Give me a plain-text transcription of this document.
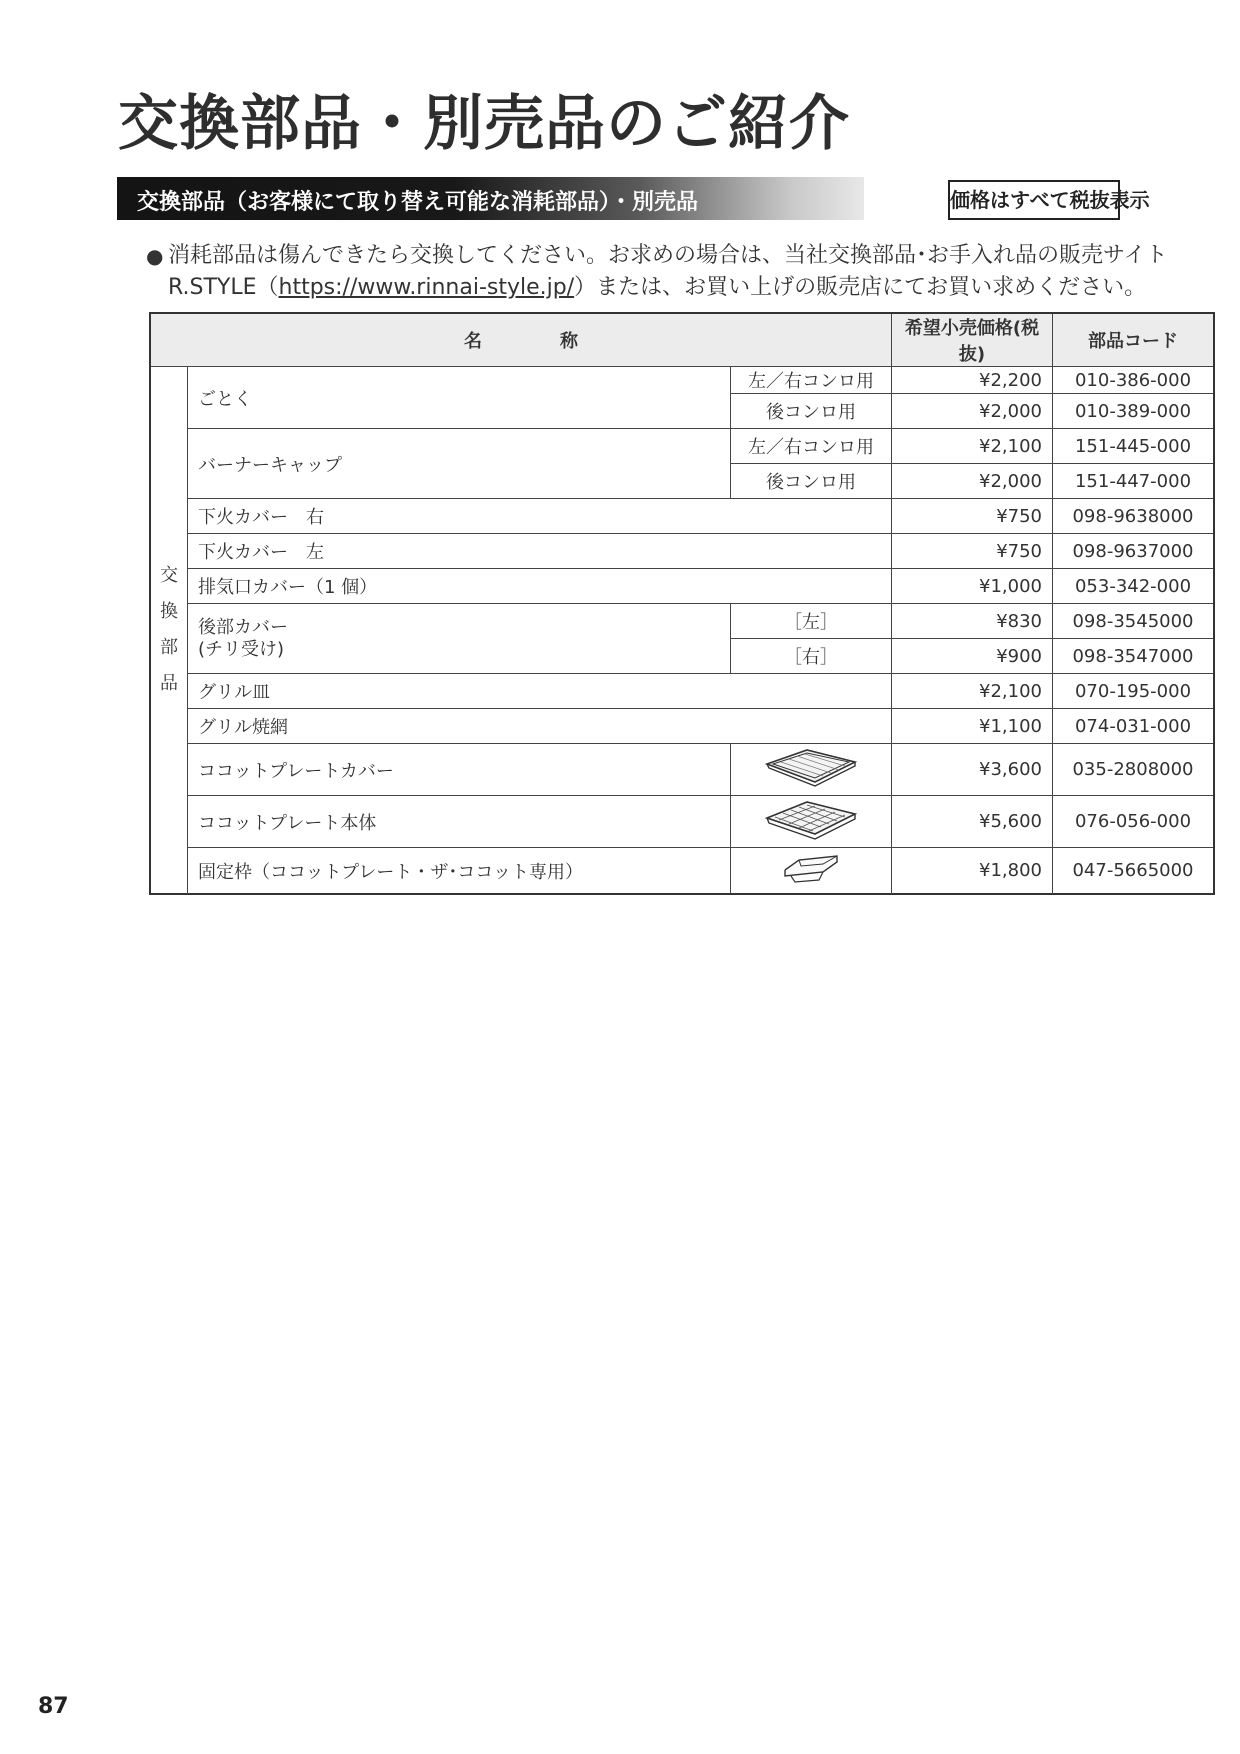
交換部品・別売品のご紹介
交換部品（お客様にて取り替え可能な消耗部品）・別売品	価格はすべて税抜表示
● 消耗部品は傷んできたら交換してください。お求めの場合は、当社交換部品･お手入れ品の販売サイト
R.STYLE（https://www.rinnai-style.jp/）または、お買い上げの販売店にてお買い求めください。
名　称			希望小売価格(税抜)	部品コード

交
換
部
品	ごとく	左／右コンロ用	¥2,200	010-386-000
		後コンロ用	¥2,000	010-389-000
	バーナーキャップ	左／右コンロ用	¥2,100	151-445-000
		後コンロ用	¥2,000	151-447-000
	下火カバー　右		¥750	098-9638000
	下火カバー　左		¥750	098-9637000
	排気口カバー（1 個）		¥1,000	053-342-000
	後部カバー
(チリ受け)	［左］	¥830	098-3545000
		［右］	¥900	098-3547000
	グリル皿		¥2,100	070-195-000
	グリル焼網		¥1,100	074-031-000
	ココットプレートカバー		¥3,600	035-2808000
	ココットプレート本体		¥5,600	076-056-000
	固定枠（ココットプレート・ザ･ココット専用）		¥1,800	047-5665000
87
